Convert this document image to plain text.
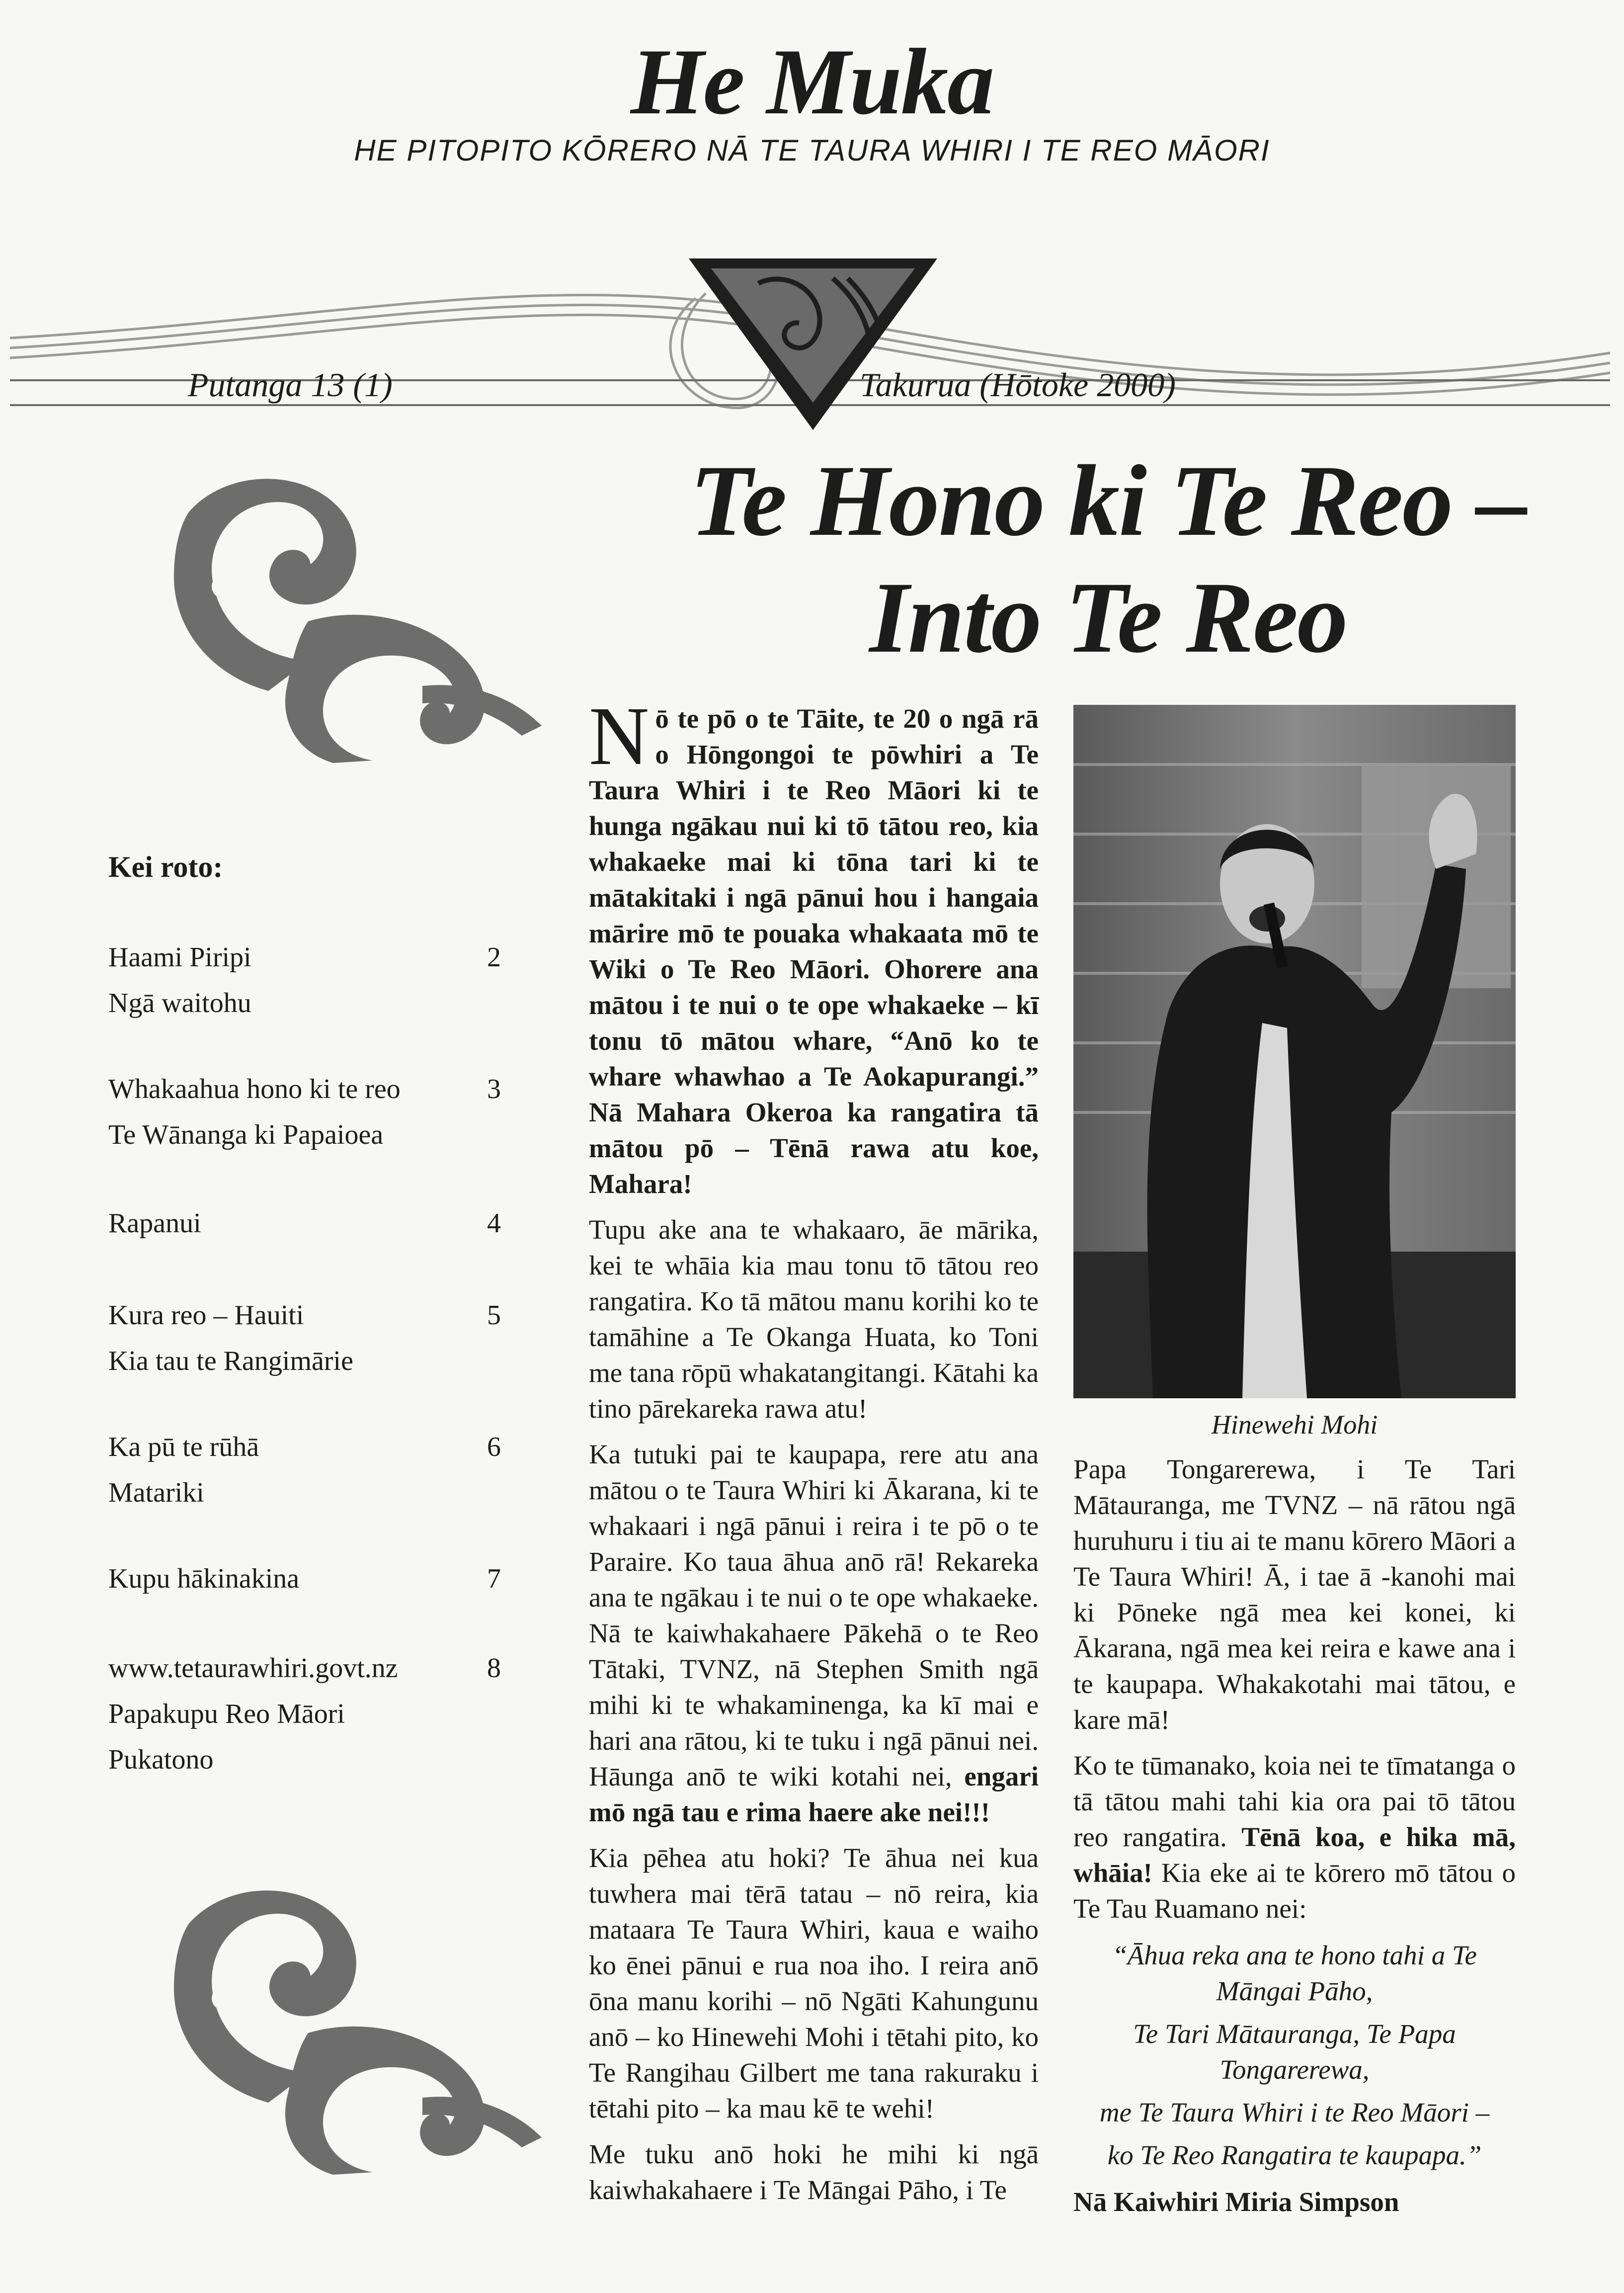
He Muka
HE PITOPITO KŌRERO NĀ TE TAURA WHIRI I TE REO MĀORI
Putanga 13 (1)	Takurua (Hōtoke 2000)
Te Hono ki Te Reo –
Into Te Reo
Kei roto:
Haami Piripi	2
Ngā waitohu
Whakaahua hono ki te reo	3
Te Wānanga ki Papaioea
Rapanui	4
Kura reo – Hauiti	5
Kia tau te Rangimārie
Ka pū te rūhā	6
Matariki
Kupu hākinakina	7
www.tetaurawhiri.govt.nz	8
Papakupu Reo Māori
Pukatono

Nō te pō o te Tāite, te 20 o ngā rā o Hōngongoi te pōwhiri a Te Taura Whiri i te Reo Māori ki te hunga ngākau nui ki tō tātou reo, kia whakaeke mai ki tōna tari ki te mātakitaki i ngā pānui hou i hangaia mārire mō te pouaka whakaata mō te Wiki o Te Reo Māori. Ohorere ana mātou i te nui o te ope whakaeke – kī tonu tō mātou whare, “Anō ko te whare whawhao a Te Aokapurangi.” Nā Mahara Okeroa ka rangatira tā mātou pō – Tēnā rawa atu koe, Mahara!

Tupu ake ana te whakaaro, āe mārika, kei te whāia kia mau tonu tō tātou reo rangatira. Ko tā mātou manu korihi ko te tamāhine a Te Okanga Huata, ko Toni me tana rōpū whakatangitangi. Kātahi ka tino pārekareka rawa atu!

Ka tutuki pai te kaupapa, rere atu ana mātou o te Taura Whiri ki Ākarana, ki te whakaari i ngā pānui i reira i te pō o te Paraire. Ko taua āhua anō rā! Rekareka ana te ngākau i te nui o te ope whakaeke. Nā te kaiwhakahaere Pākehā o te Reo Tātaki, TVNZ, nā Stephen Smith ngā mihi ki te whakaminenga, ka kī mai e hari ana rātou, ki te tuku i ngā pānui nei. Hāunga anō te wiki kotahi nei, engari mō ngā tau e rima haere ake nei!!!

Kia pēhea atu hoki? Te āhua nei kua tuwhera mai tērā tatau – nō reira, kia mataara Te Taura Whiri, kaua e waiho ko ēnei pānui e rua noa iho. I reira anō ōna manu korihi – nō Ngāti Kahungunu anō – ko Hinewehi Mohi i tētahi pito, ko Te Rangihau Gilbert me tana rakuraku i tētahi pito – ka mau kē te wehi!

Me tuku anō hoki he mihi ki ngā kaiwhakahaere i Te Māngai Pāho, i Te

Hinewehi Mohi

Papa Tongarerewa, i Te Tari Mātauranga, me TVNZ – nā rātou ngā huruhuru i tiu ai te manu kōrero Māori a Te Taura Whiri! Ā, i tae ā -kanohi mai ki Pōneke ngā mea kei konei, ki Ākarana, ngā mea kei reira e kawe ana i te kaupapa. Whakakotahi mai tātou, e kare mā!

Ko te tūmanako, koia nei te tīmatanga o tā tātou mahi tahi kia ora pai tō tātou reo rangatira. Tēnā koa, e hika mā, whāia! Kia eke ai te kōrero mō tātou o Te Tau Ruamano nei:

“Āhua reka ana te hono tahi a Te Māngai Pāho,
Te Tari Mātauranga, Te Papa Tongarerewa,
me Te Taura Whiri i te Reo Māori –
ko Te Reo Rangatira te kaupapa.”
Nā Kaiwhiri Miria Simpson
